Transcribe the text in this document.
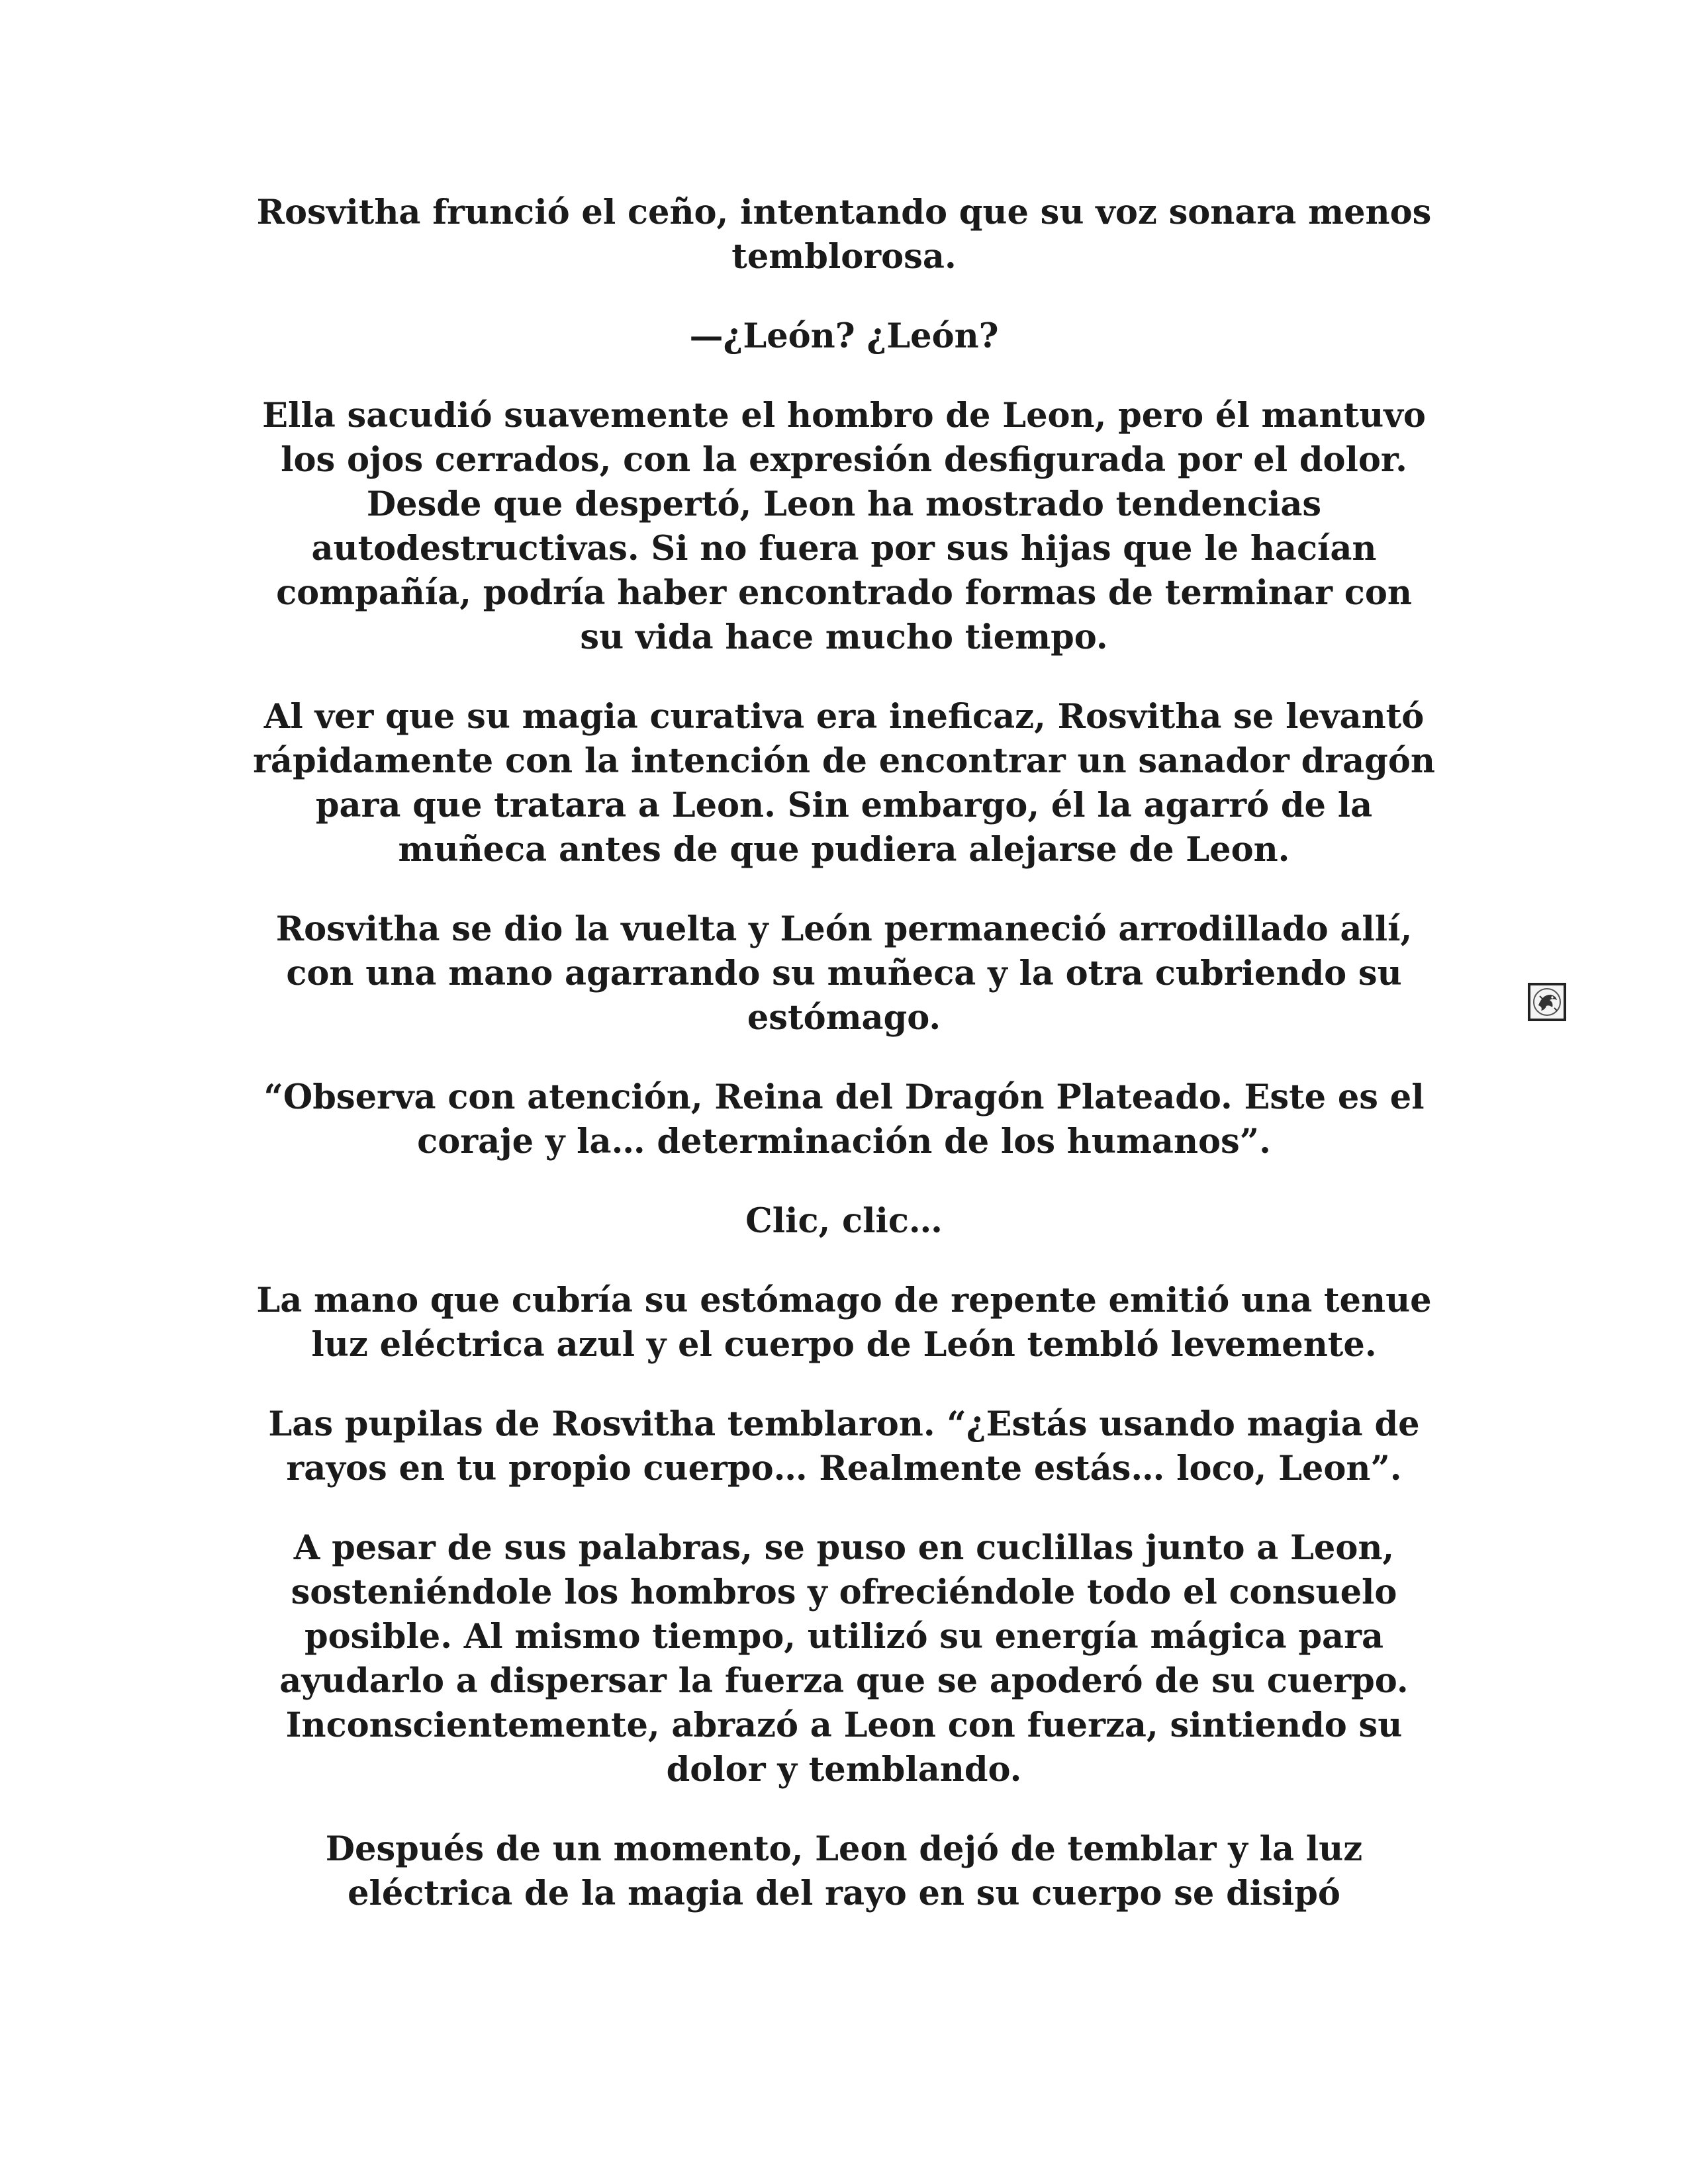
Rosvitha frunció el ceño, intentando que su voz sonara menos
temblorosa.

—¿León? ¿León?

Ella sacudió suavemente el hombro de Leon, pero él mantuvo
los ojos cerrados, con la expresión desfigurada por el dolor.
Desde que despertó, Leon ha mostrado tendencias
autodestructivas. Si no fuera por sus hijas que le hacían
compañía, podría haber encontrado formas de terminar con
su vida hace mucho tiempo.

Al ver que su magia curativa era ineficaz, Rosvitha se levantó
rápidamente con la intención de encontrar un sanador dragón
para que tratara a Leon. Sin embargo, él la agarró de la
muñeca antes de que pudiera alejarse de Leon.

Rosvitha se dio la vuelta y León permaneció arrodillado allí,
con una mano agarrando su muñeca y la otra cubriendo su
estómago.

“Observa con atención, Reina del Dragón Plateado. Este es el
coraje y la… determinación de los humanos”.

Clic, clic…

La mano que cubría su estómago de repente emitió una tenue
luz eléctrica azul y el cuerpo de León tembló levemente.

Las pupilas de Rosvitha temblaron. “¿Estás usando magia de
rayos en tu propio cuerpo… Realmente estás… loco, Leon”.

A pesar de sus palabras, se puso en cuclillas junto a Leon,
sosteniéndole los hombros y ofreciéndole todo el consuelo
posible. Al mismo tiempo, utilizó su energía mágica para
ayudarlo a dispersar la fuerza que se apoderó de su cuerpo.
Inconscientemente, abrazó a Leon con fuerza, sintiendo su
dolor y temblando.

Después de un momento, Leon dejó de temblar y la luz
eléctrica de la magia del rayo en su cuerpo se disipó
